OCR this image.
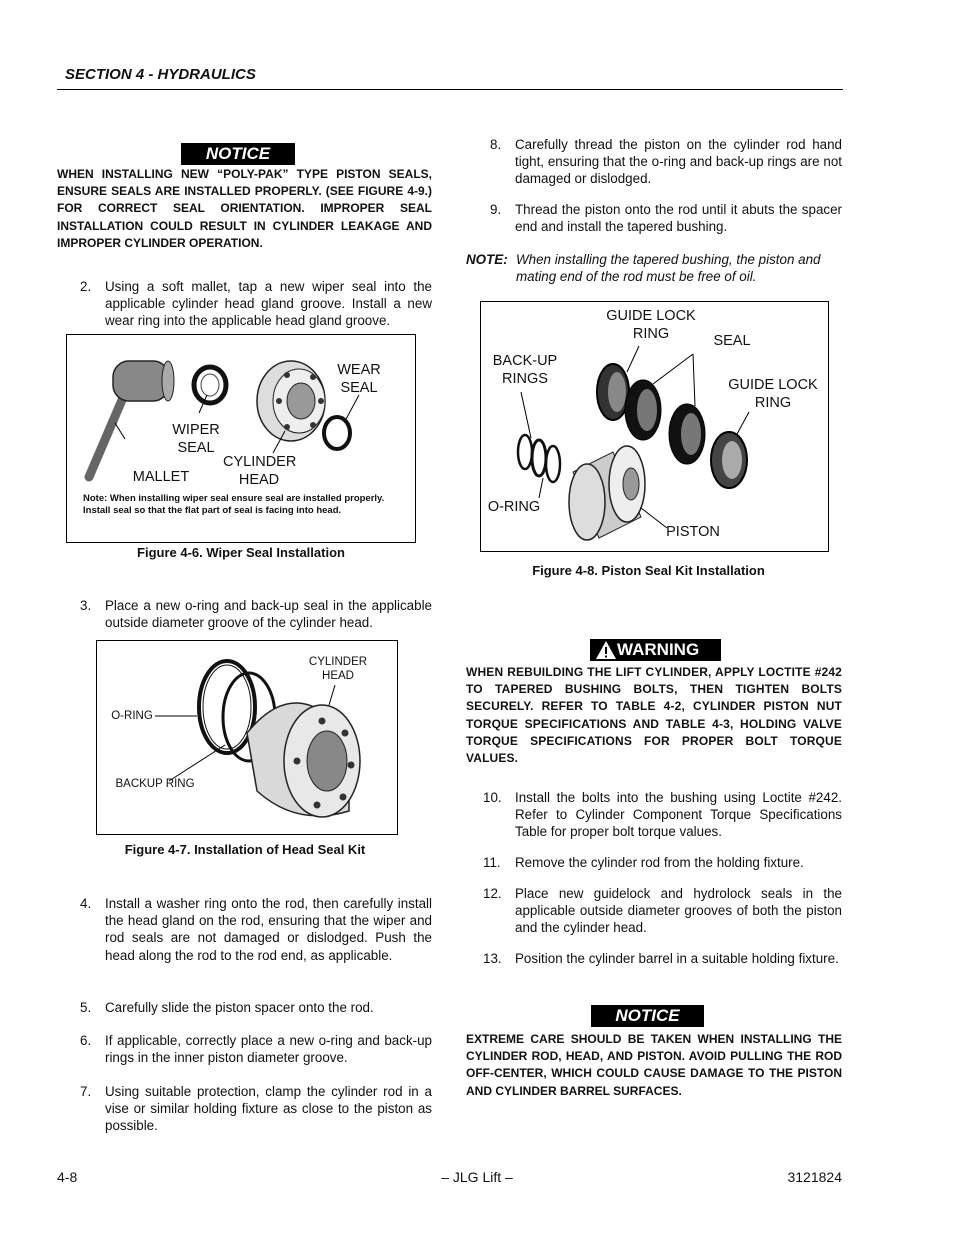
SECTION 4 - HYDRAULICS
NOTICE
WHEN INSTALLING NEW “POLY-PAK” TYPE PISTON SEALS, ENSURE SEALS ARE INSTALLED PROPERLY. (SEE FIGURE 4-9.) FOR CORRECT SEAL ORIENTATION. IMPROPER SEAL INSTALLATION COULD RESULT IN CYLINDER LEAKAGE AND IMPROPER CYLINDER OPERATION.
2. Using a soft mallet, tap a new wiper seal into the applicable cylinder head gland groove. Install a new wear ring into the applicable head gland groove.
WEAR SEAL
WIPER SEAL
CYLINDER HEAD
MALLET
Note: When installing wiper seal ensure seal are installed properly. Install seal so that the flat part of seal is facing into head.
Figure 4-6. Wiper Seal Installation
3. Place a new o-ring and back-up seal in the applicable outside diameter groove of the cylinder head.
CYLINDER HEAD
O-RING
BACKUP RING
Figure 4-7. Installation of Head Seal Kit
4. Install a washer ring onto the rod, then carefully install the head gland on the rod, ensuring that the wiper and rod seals are not damaged or dislodged. Push the head along the rod to the rod end, as applicable.
5. Carefully slide the piston spacer onto the rod.
6. If applicable, correctly place a new o-ring and back-up rings in the inner piston diameter groove.
7. Using suitable protection, clamp the cylinder rod in a vise or similar holding fixture as close to the piston as possible.
8. Carefully thread the piston on the cylinder rod hand tight, ensuring that the o-ring and back-up rings are not damaged or dislodged.
9. Thread the piston onto the rod until it abuts the spacer end and install the tapered bushing.
NOTE: When installing the tapered bushing, the piston and mating end of the rod must be free of oil.
GUIDE LOCK RING	SEAL
BACK-UP RINGS	GUIDE LOCK RING
O-RING
PISTON
Figure 4-8. Piston Seal Kit Installation
WARNING
WHEN REBUILDING THE LIFT CYLINDER, APPLY LOCTITE #242 TO TAPERED BUSHING BOLTS, THEN TIGHTEN BOLTS SECURELY. REFER TO TABLE 4-2, CYLINDER PISTON NUT TORQUE SPECIFICATIONS AND TABLE 4-3, HOLDING VALVE TORQUE SPECIFICATIONS FOR PROPER BOLT TORQUE VALUES.
10. Install the bolts into the bushing using Loctite #242. Refer to Cylinder Component Torque Specifications Table for proper bolt torque values.
11. Remove the cylinder rod from the holding fixture.
12. Place new guidelock and hydrolock seals in the applicable outside diameter grooves of both the piston and the cylinder head.
13. Position the cylinder barrel in a suitable holding fixture.
NOTICE
EXTREME CARE SHOULD BE TAKEN WHEN INSTALLING THE CYLINDER ROD, HEAD, AND PISTON. AVOID PULLING THE ROD OFF-CENTER, WHICH COULD CAUSE DAMAGE TO THE PISTON AND CYLINDER BARREL SURFACES.
4-8	– JLG Lift –	3121824
